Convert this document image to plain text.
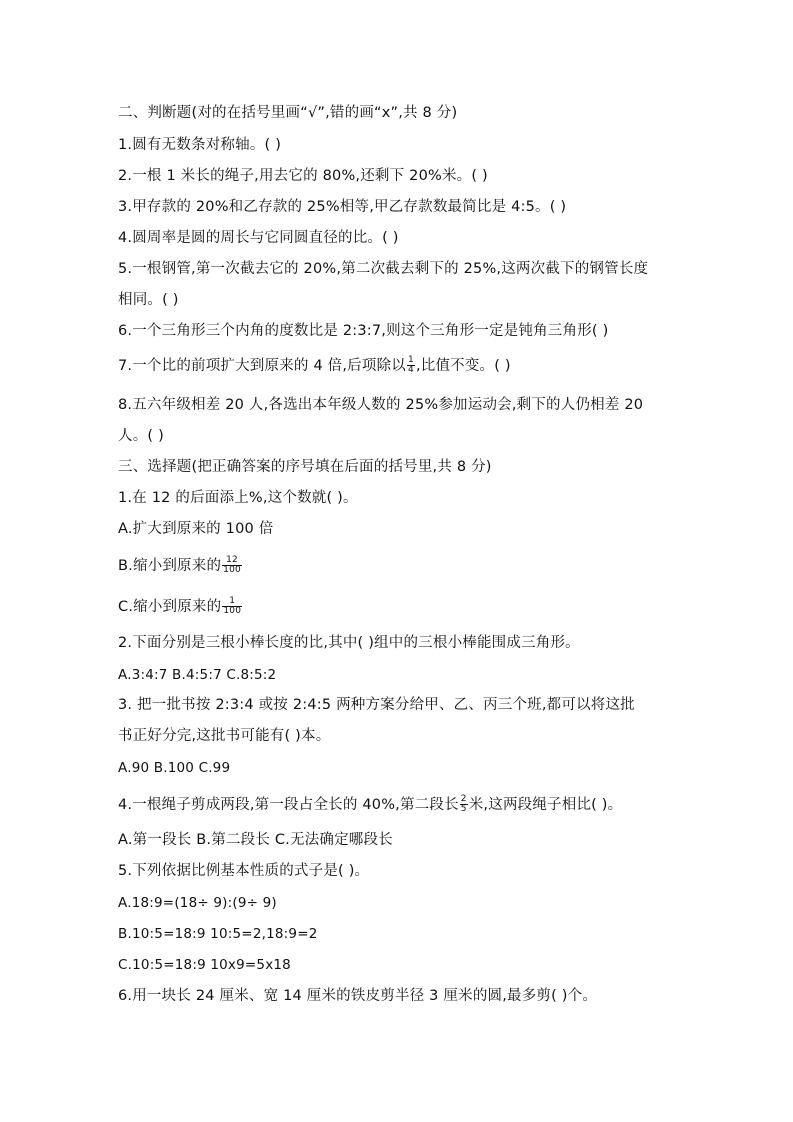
二、判断题(对的在括号里画“√”,错的画“x”,共 8 分)
1.圆有无数条对称轴。( )
2.一根 1 米长的绳子,用去它的 80%,还剩下 20%米。( )
3.甲存款的 20%和乙存款的 25%相等,甲乙存款数最简比是 4:5。( )
4.圆周率是圆的周长与它同圆直径的比。( )
5.一根钢管,第一次截去它的 20%,第二次截去剩下的 25%,这两次截下的钢管长度
相同。( )
6.一个三角形三个内角的度数比是 2:3:7,则这个三角形一定是钝角三角形( )
7.一个比的前项扩大到原来的 4 倍,后项除以 $\frac{1}{4}$ ,比值不变。( )
8.五六年级相差 20 人,各选出本年级人数的 25%参加运动会,剩下的人仍相差 20
人。( )
三、选择题(把正确答案的序号填在后面的括号里,共 8 分)
1.在 12 的后面添上%,这个数就( )。
A.扩大到原来的 100 倍
B.缩小到原来的 $\frac{12}{100}$
C.缩小到原来的 $\frac{1}{100}$
2.下面分别是三根小棒长度的比,其中( )组中的三根小棒能围成三角形。
A.3:4:7 B.4:5:7 C.8:5:2
3. 把一批书按 2:3:4 或按 2:4:5 两种方案分给甲、乙、丙三个班,都可以将这批
书正好分完,这批书可能有( )本。
A.90 B.100 C.99
4.一根绳子剪成两段,第一段占全长的 40%,第二段长 $\frac{2}{5}$ 米,这两段绳子相比( )。
A.第一段长 B.第二段长 C.无法确定哪段长
5.下列依据比例基本性质的式子是( )。
A.18:9=(18÷ 9):(9÷ 9)
B.10:5=18:9 10:5=2,18:9=2
C.10:5=18:9 10x9=5x18
6.用一块长 24 厘米、宽 14 厘米的铁皮剪半径 3 厘米的圆,最多剪( )个。
